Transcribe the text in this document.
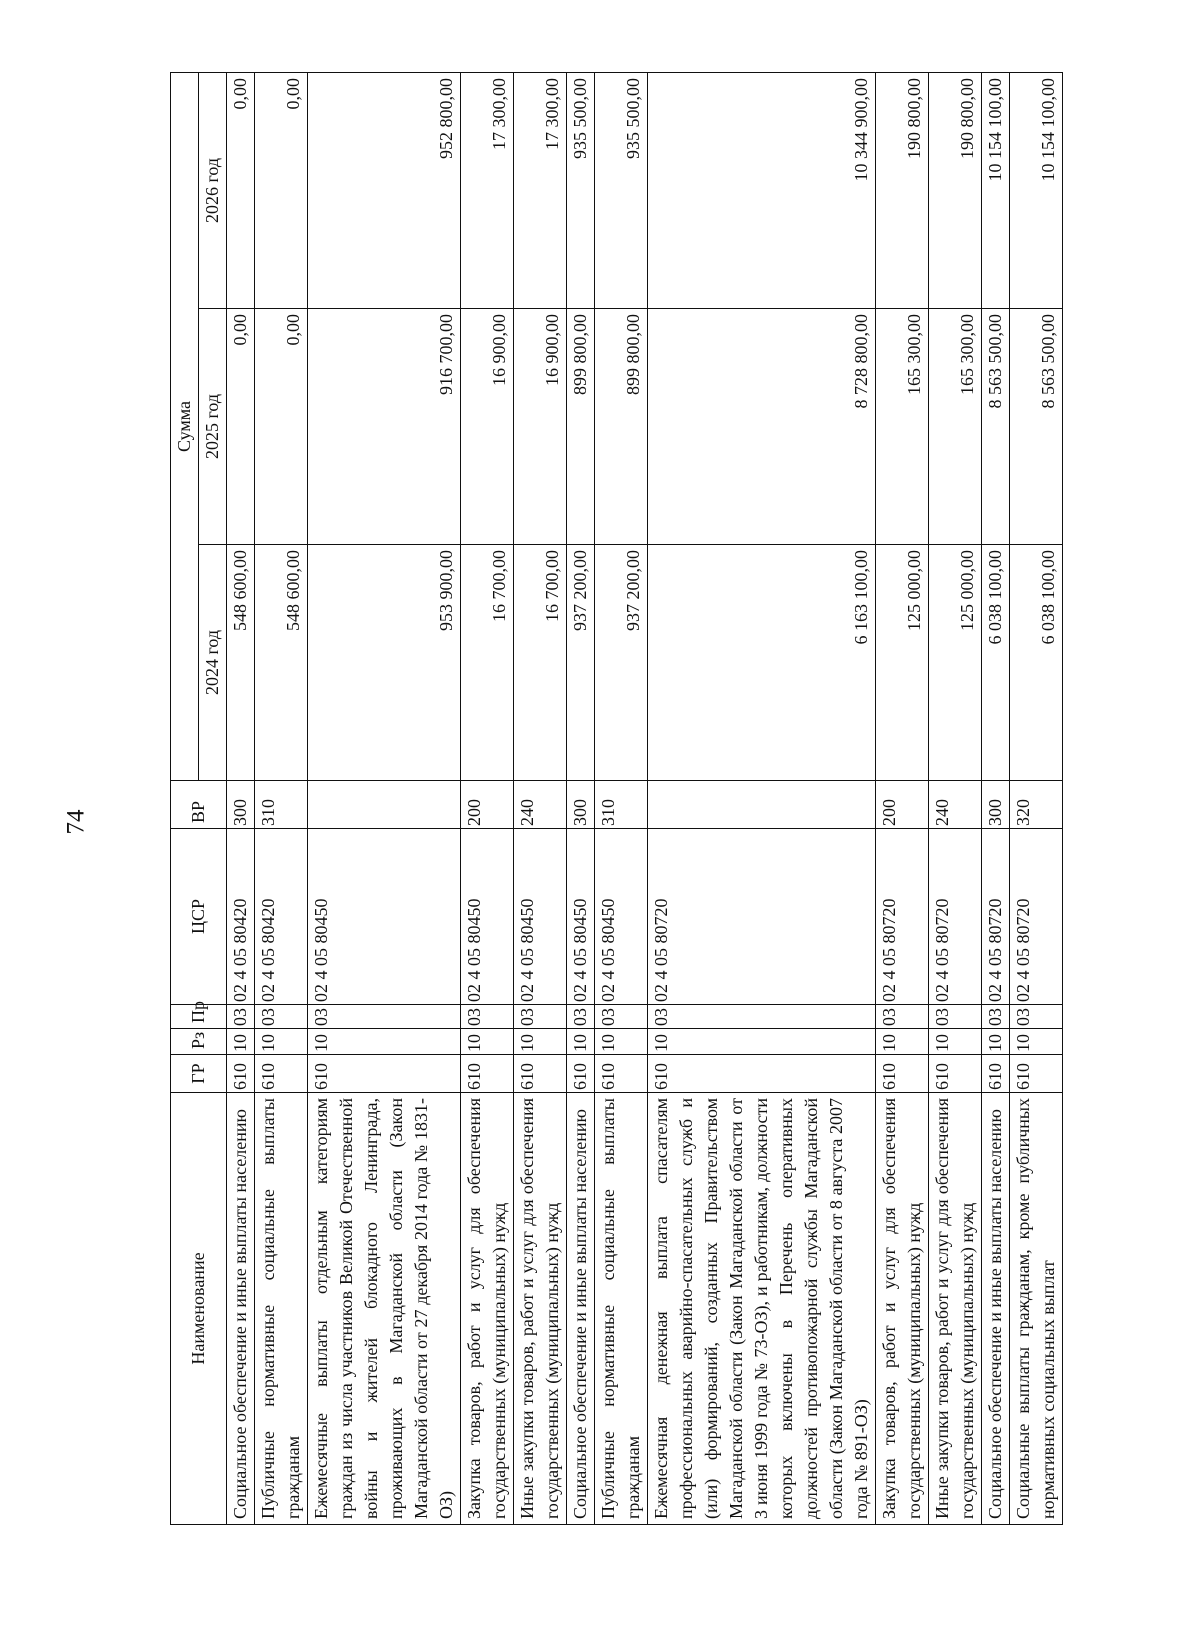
74
Наименование	ГР	Рз	Пр	ЦСР	ВР	Сумма		
						2024 год	2025 год	2026 год
Социальное обеспечение и иные выплаты населению	610	10	03	02 4 05 80420	300	548 600,00	0,00	0,00
Публичные нормативные социальные выплаты гражданам	610	10	03	02 4 05 80420	310	548 600,00	0,00	0,00
Ежемесячные выплаты отдельным категориям граждан из числа участников Великой Отечественной войны и жителей блокадного Ленинграда, проживающих в Магаданской области (Закон Магаданской области от 27 декабря 2014 года № 1831-ОЗ)	610	10	03	02 4 05 80450		953 900,00	916 700,00	952 800,00
Закупка товаров, работ и услуг для обеспечения государственных (муниципальных) нужд	610	10	03	02 4 05 80450	200	16 700,00	16 900,00	17 300,00
Иные закупки товаров, работ и услуг для обеспечения государственных (муниципальных) нужд	610	10	03	02 4 05 80450	240	16 700,00	16 900,00	17 300,00
Социальное обеспечение и иные выплаты населению	610	10	03	02 4 05 80450	300	937 200,00	899 800,00	935 500,00
Публичные нормативные социальные выплаты гражданам	610	10	03	02 4 05 80450	310	937 200,00	899 800,00	935 500,00
Ежемесячная денежная выплата спасателям профессиональных аварийно-спасательных служб и (или) формирований, созданных Правительством Магаданской области (Закон Магаданской области от 3 июня 1999 года № 73-ОЗ), и работникам, должности которых включены в Перечень оперативных должностей противопожарной службы Магаданской области (Закон Магаданской области от 8 августа 2007 года № 891-ОЗ)	610	10	03	02 4 05 80720		6 163 100,00	8 728 800,00	10 344 900,00
Закупка товаров, работ и услуг для обеспечения государственных (муниципальных) нужд	610	10	03	02 4 05 80720	200	125 000,00	165 300,00	190 800,00
Иные закупки товаров, работ и услуг для обеспечения государственных (муниципальных) нужд	610	10	03	02 4 05 80720	240	125 000,00	165 300,00	190 800,00
Социальное обеспечение и иные выплаты населению	610	10	03	02 4 05 80720	300	6 038 100,00	8 563 500,00	10 154 100,00
Социальные выплаты гражданам, кроме публичных нормативных социальных выплат	610	10	03	02 4 05 80720	320	6 038 100,00	8 563 500,00	10 154 100,00
